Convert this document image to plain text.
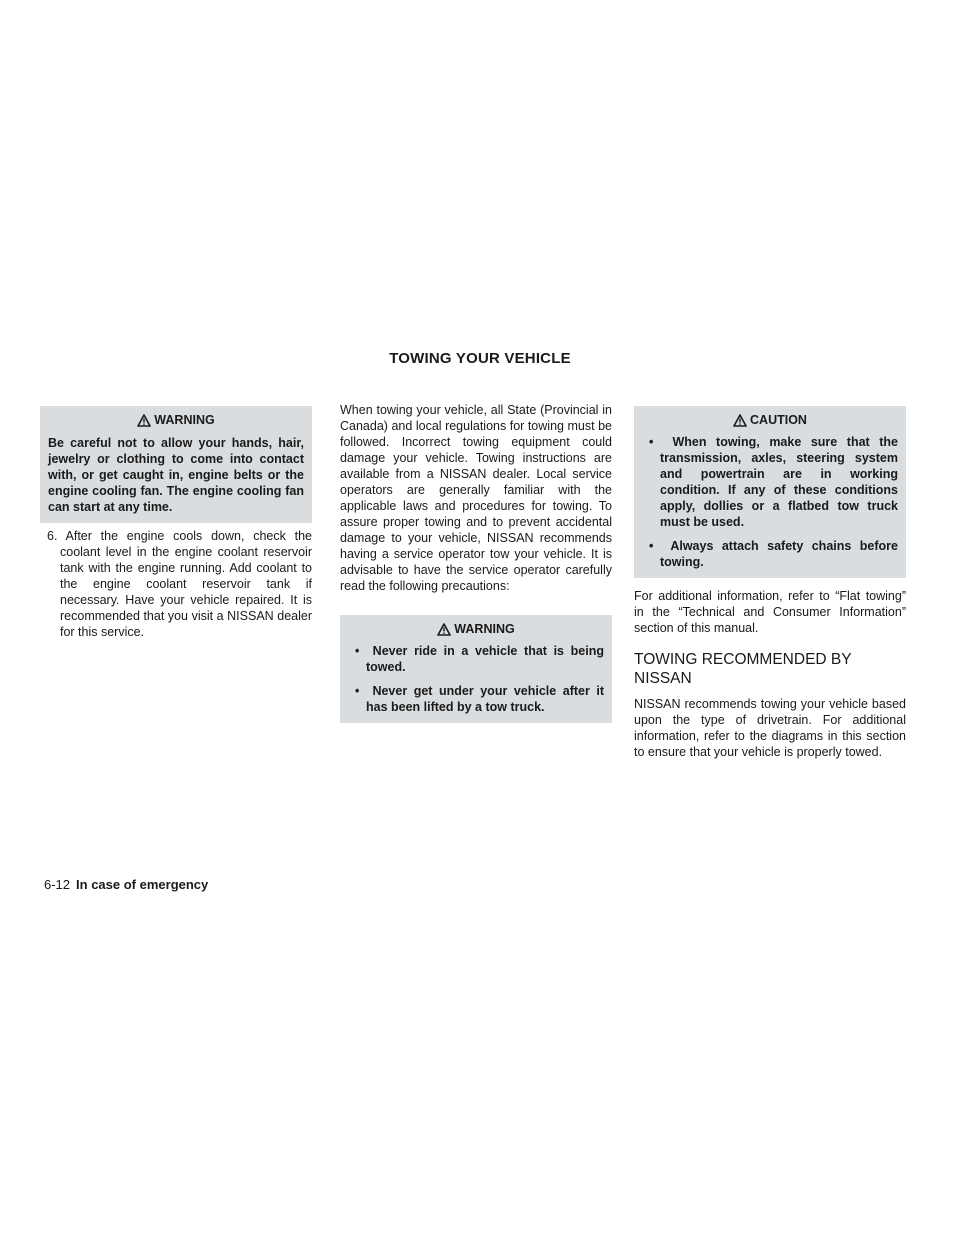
TOWING YOUR VEHICLE
WARNING
Be careful not to allow your hands, hair, jewelry or clothing to come into contact with, or get caught in, engine belts or the engine cooling fan. The engine cooling fan can start at any time.
6. After the engine cools down, check the coolant level in the engine coolant reservoir tank with the engine running. Add coolant to the engine coolant reservoir tank if necessary. Have your vehicle repaired. It is recommended that you visit a NISSAN dealer for this service.
When towing your vehicle, all State (Provincial in Canada) and local regulations for towing must be followed. Incorrect towing equipment could damage your vehicle. Towing instructions are available from a NISSAN dealer. Local service operators are generally familiar with the applicable laws and procedures for towing. To assure proper towing and to prevent accidental damage to your vehicle, NISSAN recommends having a service operator tow your vehicle. It is advisable to have the service operator carefully read the following precautions:
WARNING
•  Never ride in a vehicle that is being towed.
•  Never get under your vehicle after it has been lifted by a tow truck.
CAUTION
•  When towing, make sure that the transmission, axles, steering system and powertrain are in working condition. If any of these conditions apply, dollies or a flatbed tow truck must be used.
•  Always attach safety chains before towing.
For additional information, refer to “Flat towing” in the “Technical and Consumer Information” section of this manual.
TOWING RECOMMENDED BY NISSAN
NISSAN recommends towing your vehicle based upon the type of drivetrain. For additional information, refer to the diagrams in this section to ensure that your vehicle is properly towed.
6-12 In case of emergency
